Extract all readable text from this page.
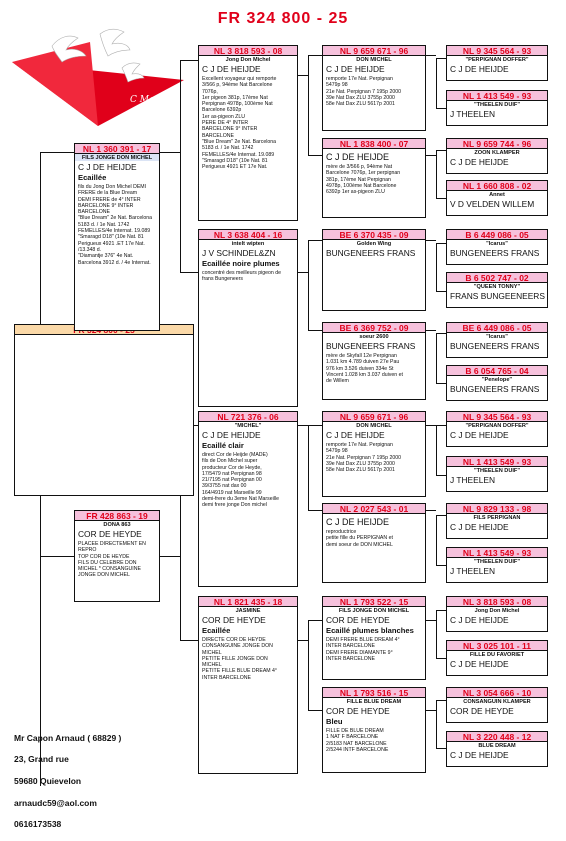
FR 324 800 - 25
C Mathieu
NL 1 360 391 - 17
FILS JONGE DON MICHEL
C J DE HEIJDE
Ecaillée
fils du Jong Don Michel DEMI
FRERE de la Blue Dream
DEMI FRERE de 4° INTER
BARCELONE 9° INTER
BARCELONE
"Blue Dream" 2e Nat. Barcelona
5183 d. / 1e Nat. 1742
FEMELLES/4e Internat. 19.089
"Smaragd D18" (10e Nat. 81
Perigueux 4921 .ET 17e Nat.
/13.348 d.
"Diamantje 376" 4e Nat.
Barcelona 3912 d. / 4e Internat.
FR 428 863 - 19
DONA 863
COR DE HEYDE
PLACEE DIRECTEMENT EN
REPRO
TOP COR DE HEYDE
FILS DU CELEBRE DON
MICHEL * CONSANGUINE
JONGE DON MICHEL
NL 3 818 593 - 08
Jong Don Michel
C J DE HEIJDE
Excellent voyageur qui remporte
3/566 p, 94ème Nat Barcelone
7076p,
1er pigeon 381p, 17ème Nat
Perpignan 4978p, 100ème Nat
Barcelone 6392p
1er as-pigeon ZLU
PERE DE 4° INTER
BARCELONE 9° INTER
BARCELONE
"Blue Dream" 2e Nat. Barcelona
5183 d. / 1e Nat. 1742
FEMELLES/4e Internat. 19.089
"Smaragd D18" (10e Nat. 81
Perigueux 4921 ET 17e Nat.
NL 3 638 404 - 16
intelt wipten
J V SCHINDEL&ZN
Ecaillée noire plumes
concentré des meilleurs pigeon de
frans Bungeneers
NL 721 376 - 06
"MICHEL"
C J DE HEIJDE
Ecaillé clair
direct Cor de Heijde (MADE)
fils de Don Michel super
producteur Cor de Heyde,
17/5479 nat Perpignan 98
21/7195 nat Perpignan 00
39/3755 nat dax 00
164/4919 nat Marseille 99
demi-frere du 3eme Nat Marseille
demi frere jonge Don michel
NL 1 821 435 - 18
JASMINE
COR DE HEYDE
Ecaillée
DIRECTE COR DE HEYDE
CONSANGUINE JONGE DON
MICHEL
PETITE FILLE JONGE DON
MICHEL
PETITE FILLE BLUE DREAM 4°
INTER BARCELONE
NL 9 659 671 - 96
DON MICHEL
C J DE HEIJDE
remporte 17e Nat. Perpignan
5479p 98
21e Nat. Perpignan 7 195p 2000
39e Nat Dax ZLU 3755p 2000
58e Nat Dax ZLU 5617p 2001
NL 1 838 400 - 07
C J DE HEIJDE
mère de 3/566 p, 94ème Nat
Barcelone 7076p, 1er perpignan
381p, 17ème Nat Perpignan
4978p, 100ème Nat Barcelone
6392p 1er as-pigeon ZLU
BE 6 370 435 - 09
Golden Wing
BUNGENEERS FRANS
BE 6 369 752 - 09
soeur 2600
BUNGENEERS FRANS
mère de Skyfall 12e Perpignan
1.031 km 4.789 duiven 27e Pau
976 km 3.526 duiven 334e St
Vincent 1.028 km 3.037 duiven et
de Willem
NL 9 659 671 - 96
DON MICHEL
C J DE HEIJDE
remporte 17e Nat. Perpignan
5479p 98
21e Nat. Perpignan 7 195p 2000
39e Nat Dax ZLU 3755p 2000
58e Nat Dax ZLU 5617p 2001
NL 2 027 543 - 01
C J DE HEIJDE
reproductrice
petite fille du PERPIGNAN et
demi soeur de DON MICHEL
NL 1 793 522 - 15
FILS JONGE DON MICHEL
COR DE HEYDE
Ecaillé plumes blanches
DEMI FRERE BLUE DREAM 4°
INTER BARCELONE
DEMI FRERE DIAMANTE 9°
INTER BARCELONE
NL 1 793 516 - 15
FILLE BLUE DREAM
COR DE HEYDE
Bleu
FILLE DE BLUE DREAM
1 NAT F BARCELONE
2/5183 NAT BARCELONE
2/5244 INTF BARCELONE
NL 9 345 564 - 93
"PERPIGNAN DOFFER"
C J DE HEIJDE
NL 1 413 549 - 93
"THEELEN DUIF"
J THEELEN
NL 9 659 744 - 96
ZOON KLAMPER
C J DE HEIJDE
NL 1 660 808 - 02
Annet
V D VELDEN WILLEM
B 6 449 086 - 05
"Icarus"
BUNGENEERS FRANS
B 6 502 747 - 02
"QUEEN TONNY"
FRANS BUNGEENEERS
BE 6 449 086 - 05
"Icarus"
BUNGENEERS FRANS
B 6 054 765 - 04
"Penelope"
BUNGENEERS FRANS
NL 9 345 564 - 93
"PERPIGNAN DOFFER"
C J DE HEIJDE
NL 1 413 549 - 93
"THEELEN DUIF"
J THEELEN
NL 9 829 133 - 98
FILS PERPIGNAN
C J DE HEIJDE
NL 1 413 549 - 93
"THEELEN DUIF"
J THEELEN
NL 3 818 593 - 08
Jong Don Michel
C J DE HEIJDE
NL 3 025 101 - 11
FILLE DU FAVORIET
C J DE HEIJDE
NL 3 054 666 - 10
CONSANGUIN KLAMPER
COR DE HEYDE
NL 3 220 448 - 12
BLUE DREAM
C J DE HEIJDE

Mr Capon Arnaud ( 68829 )

23, Grand rue

59680 Quievelon

arnaudc59@aol.com

0616173538
